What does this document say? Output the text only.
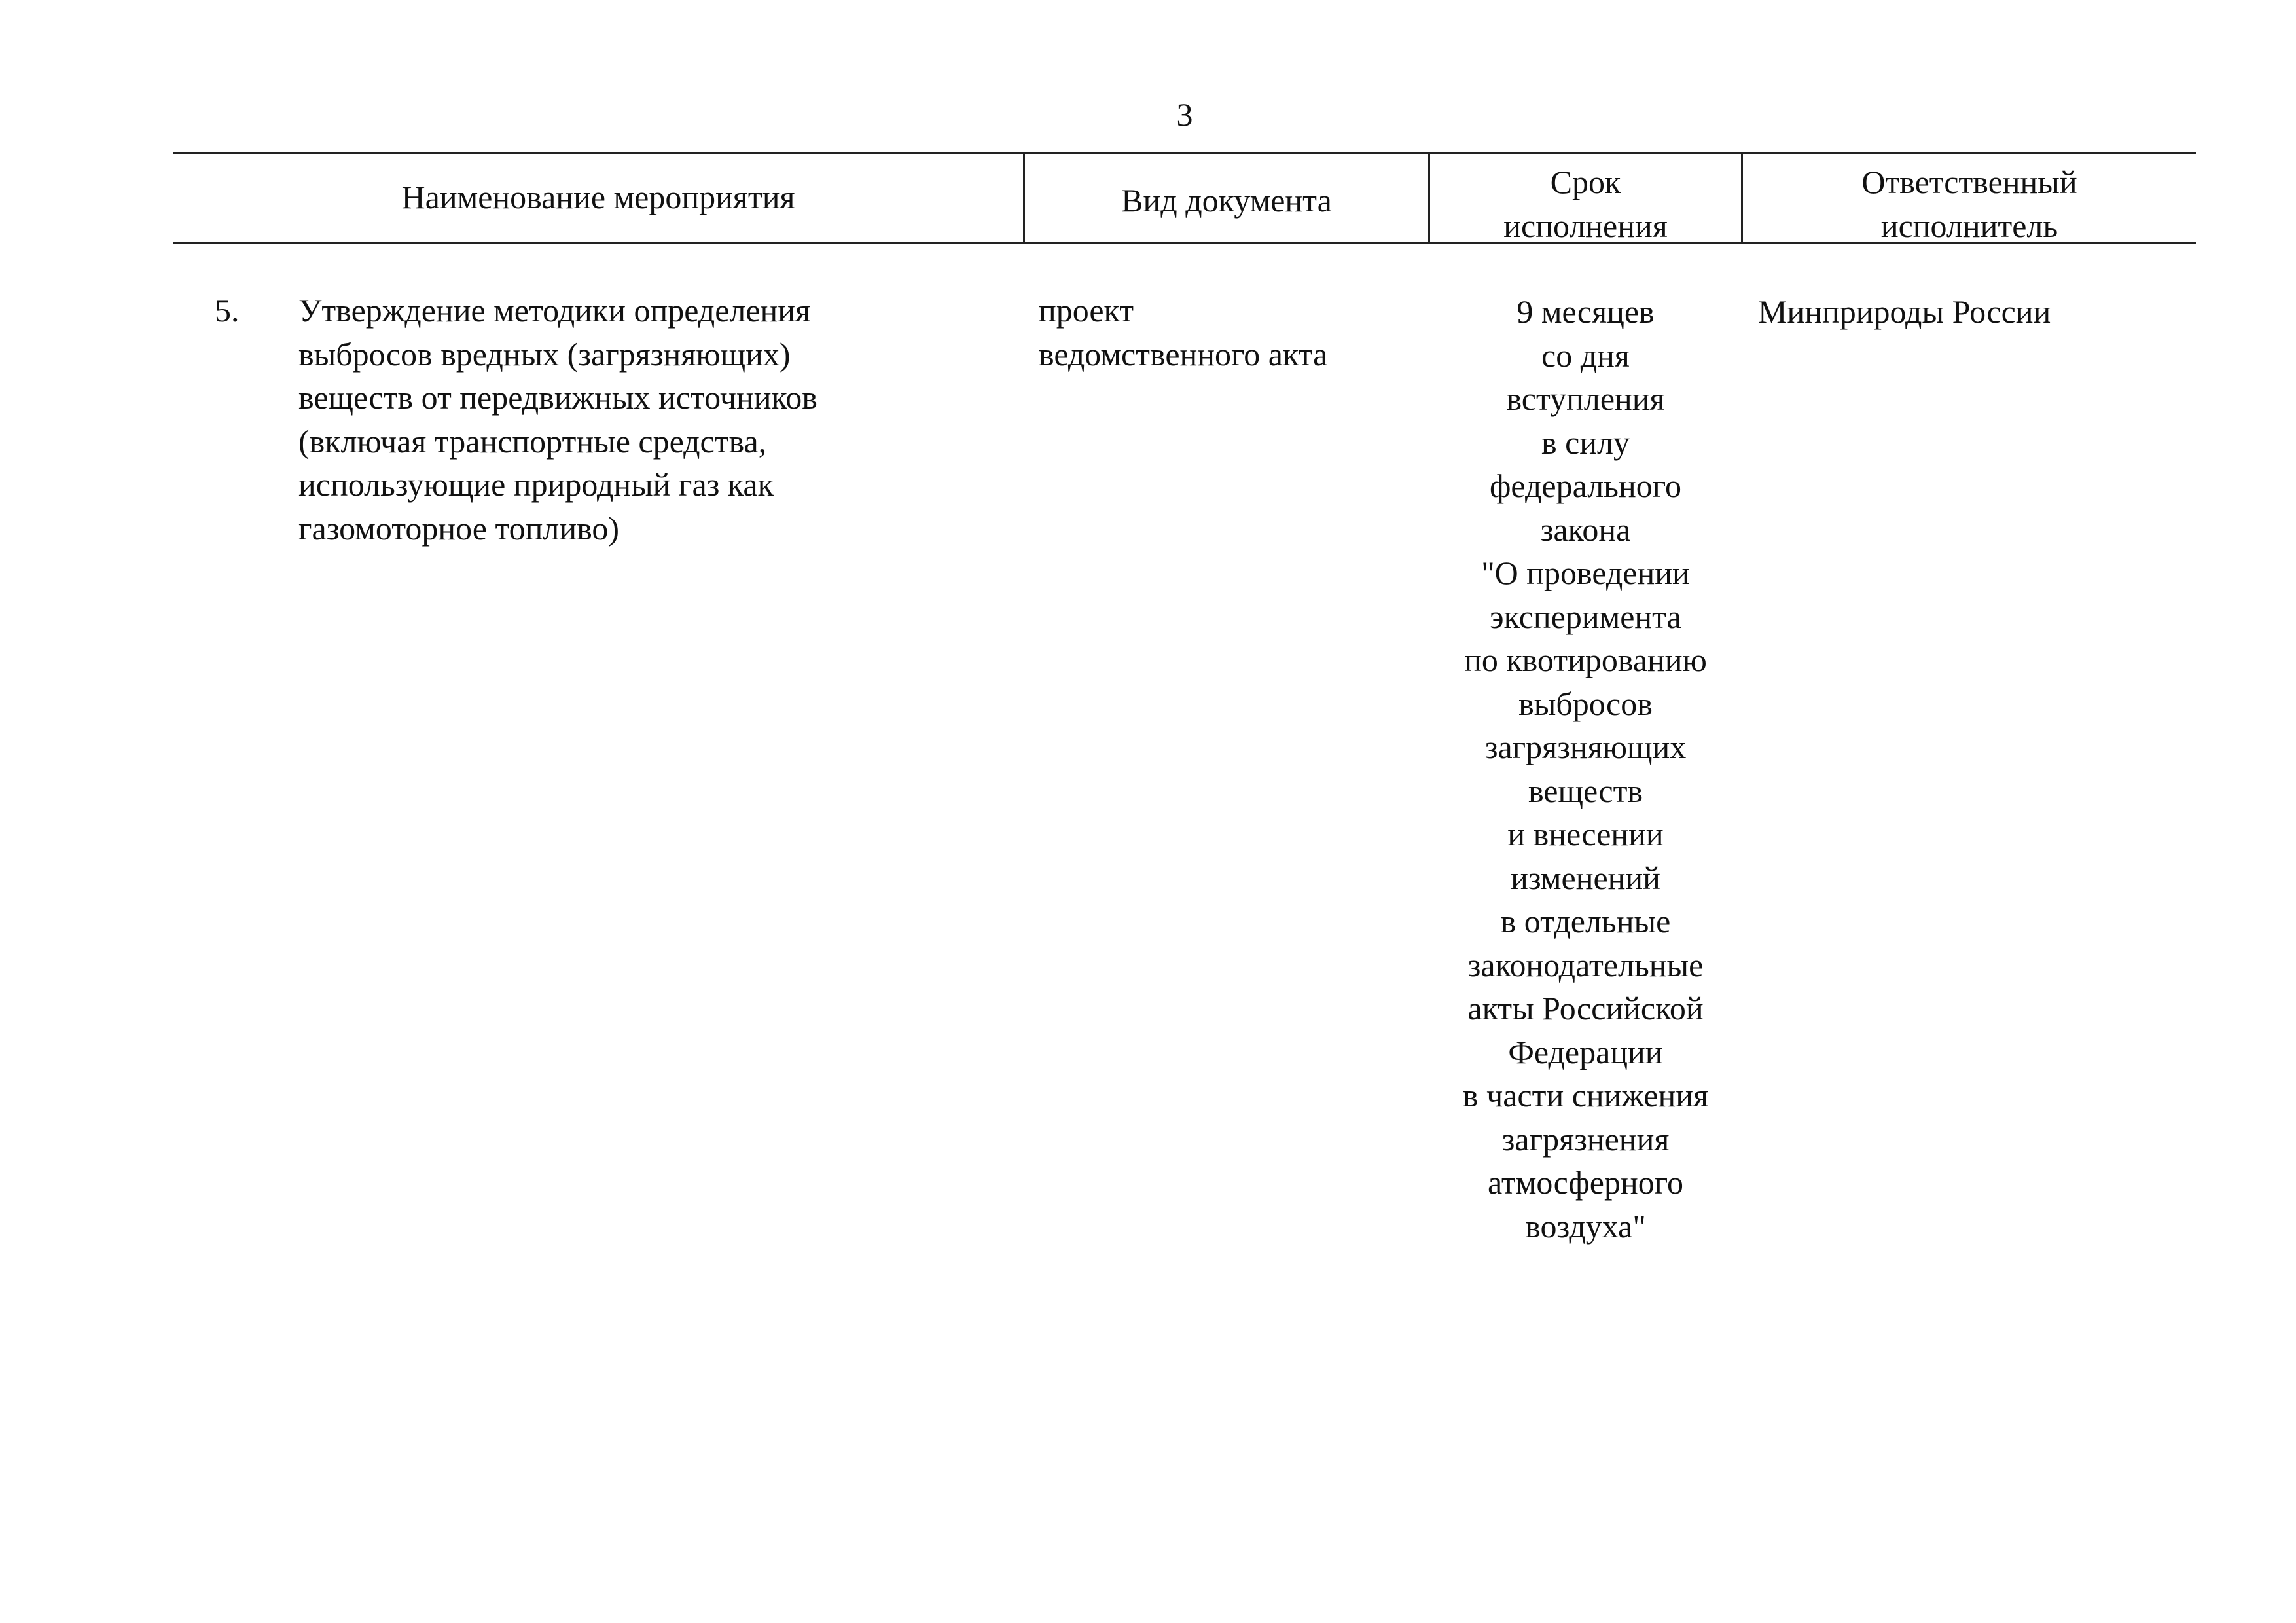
3
Наименование мероприятия	Вид документа	Срок
исполнения
Ответственный
исполнитель
5. Утверждение методики определения
выбросов вредных (загрязняющих)
веществ от передвижных источников
(включая транспортные средства,
использующие природный газ как
газомоторное топливо)
проект
ведомственного акта
9 месяцев
со дня
вступления
в силу
федерального
закона
"О проведении
эксперимента
по квотированию
выбросов
загрязняющих
веществ
и внесении
изменений
в отдельные
законодательные
акты Российской
Федерации
в части снижения
загрязнения
атмосферного
воздуха"
Минприроды России
